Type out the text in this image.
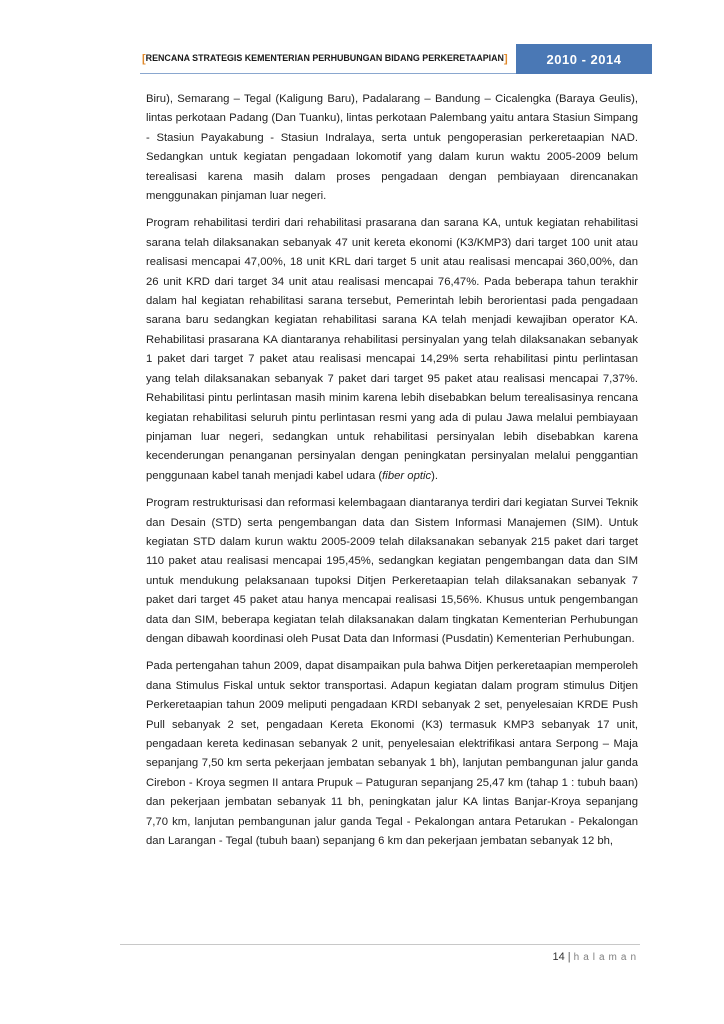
[RENCANA STRATEGIS KEMENTERIAN PERHUBUNGAN BIDANG PERKERETAAPIAN]	2010 - 2014

Biru), Semarang – Tegal (Kaligung Baru), Padalarang – Bandung – Cicalengka (Baraya Geulis), lintas perkotaan Padang (Dan Tuanku), lintas perkotaan Palembang yaitu antara Stasiun Simpang - Stasiun Payakabung - Stasiun Indralaya, serta untuk pengoperasian perkeretaapian NAD. Sedangkan untuk kegiatan pengadaan lokomotif yang dalam kurun waktu 2005-2009 belum terealisasi karena masih dalam proses pengadaan dengan pembiayaan direncanakan menggunakan pinjaman luar negeri.

Program rehabilitasi terdiri dari rehabilitasi prasarana dan sarana KA, untuk kegiatan rehabilitasi sarana telah dilaksanakan sebanyak 47 unit kereta ekonomi (K3/KMP3) dari target 100 unit atau realisasi mencapai 47,00%, 18 unit KRL dari target 5 unit atau realisasi mencapai 360,00%, dan 26 unit KRD dari target 34 unit atau realisasi mencapai 76,47%. Pada beberapa tahun terakhir dalam hal kegiatan rehabilitasi sarana tersebut, Pemerintah lebih berorientasi pada pengadaan sarana baru sedangkan kegiatan rehabilitasi sarana KA telah menjadi kewajiban operator KA. Rehabilitasi prasarana KA diantaranya rehabilitasi persinyalan yang telah dilaksanakan sebanyak 1 paket dari target 7 paket atau realisasi mencapai 14,29% serta rehabilitasi pintu perlintasan yang telah dilaksanakan sebanyak 7 paket dari target 95 paket atau realisasi mencapai 7,37%. Rehabilitasi pintu perlintasan masih minim karena lebih disebabkan belum terealisasinya rencana kegiatan rehabilitasi seluruh pintu perlintasan resmi yang ada di pulau Jawa melalui pembiayaan pinjaman luar negeri, sedangkan untuk rehabilitasi persinyalan lebih disebabkan karena kecenderungan penanganan persinyalan dengan peningkatan persinyalan melalui penggantian penggunaan kabel tanah menjadi kabel udara (fiber optic).

Program restrukturisasi dan reformasi kelembagaan diantaranya terdiri dari kegiatan Survei Teknik dan Desain (STD) serta pengembangan data dan Sistem Informasi Manajemen (SIM). Untuk kegiatan STD dalam kurun waktu 2005-2009 telah dilaksanakan sebanyak 215 paket dari target 110 paket atau realisasi mencapai 195,45%, sedangkan kegiatan pengembangan data dan SIM untuk mendukung pelaksanaan tupoksi Ditjen Perkeretaapian telah dilaksanakan sebanyak 7 paket dari target 45 paket atau hanya mencapai realisasi 15,56%. Khusus untuk pengembangan data dan SIM, beberapa kegiatan telah dilaksanakan dalam tingkatan Kementerian Perhubungan dengan dibawah koordinasi oleh Pusat Data dan Informasi (Pusdatin) Kementerian Perhubungan.

Pada pertengahan tahun 2009, dapat disampaikan pula bahwa Ditjen perkeretaapian memperoleh dana Stimulus Fiskal untuk sektor transportasi. Adapun kegiatan dalam program stimulus Ditjen Perkeretaapian tahun 2009 meliputi pengadaan KRDI sebanyak 2 set, penyelesaian KRDE Push Pull sebanyak 2 set, pengadaan Kereta Ekonomi (K3) termasuk KMP3 sebanyak 17 unit, pengadaan kereta kedinasan sebanyak 2 unit, penyelesaian elektrifikasi antara Serpong – Maja sepanjang 7,50 km serta pekerjaan jembatan sebanyak 1 bh), lanjutan pembangunan jalur ganda Cirebon - Kroya segmen II antara Prupuk – Patuguran sepanjang 25,47 km (tahap 1 : tubuh baan) dan pekerjaan jembatan sebanyak 11 bh, peningkatan jalur KA lintas Banjar-Kroya sepanjang 7,70 km, lanjutan pembangunan jalur ganda Tegal - Pekalongan antara Petarukan - Pekalongan dan Larangan - Tegal (tubuh baan) sepanjang 6 km dan pekerjaan jembatan sebanyak 12 bh,

14 | halaman
